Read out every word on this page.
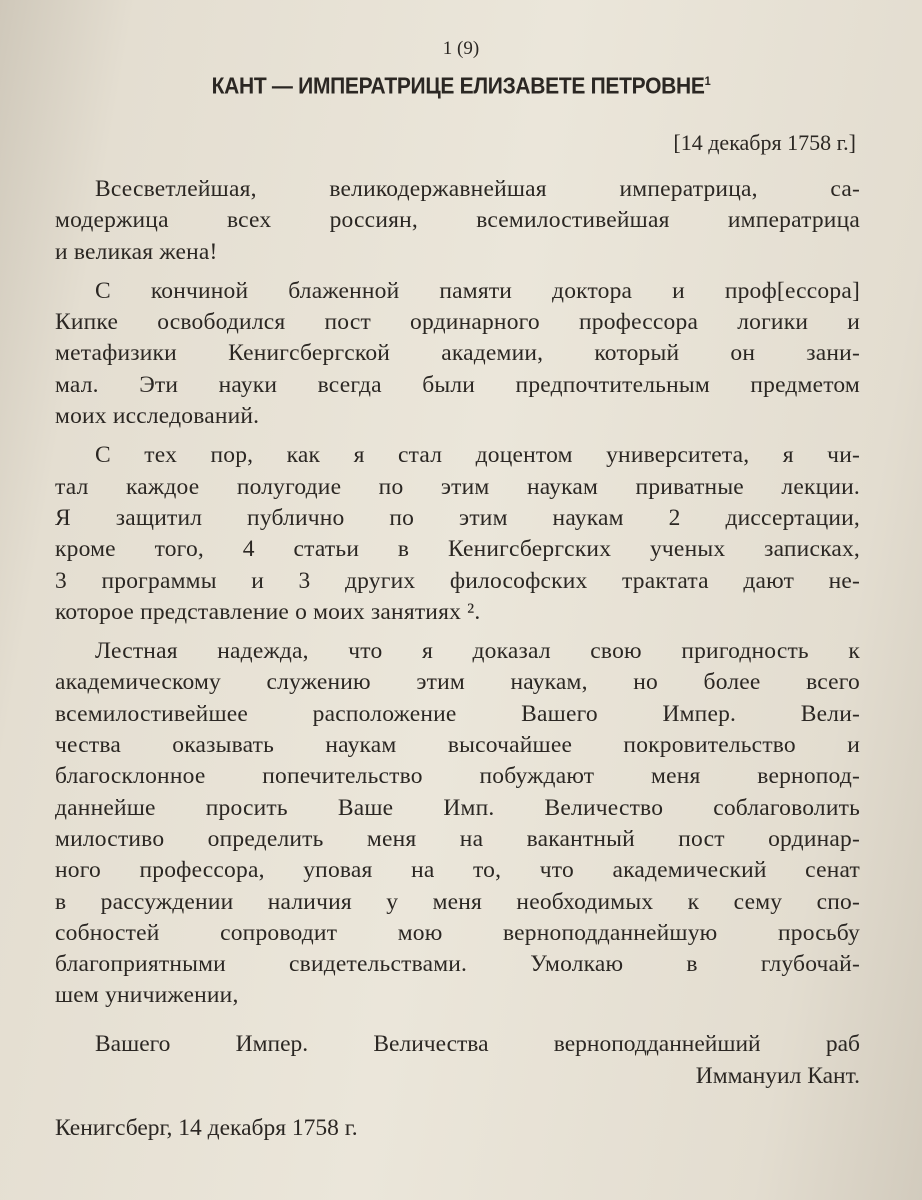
1 (9)
КАНТ — ИМПЕРАТРИЦЕ ЕЛИЗАВЕТЕ ПЕТРОВНЕ$^1$
[14 декабря 1758 г.]
Всесветлейшая, великодержавнейшая императрица, са-
модержица всех россиян, всемилостивейшая императрица
и великая жена!
С кончиной блаженной памяти доктора и проф[ессора]
Кипке освободился пост ординарного профессора логики и
метафизики Кенигсбергской академии, который он зани-
мал. Эти науки всегда были предпочтительным предметом
моих исследований.
С тех пор, как я стал доцентом университета, я чи-
тал каждое полугодие по этим наукам приватные лекции.
Я защитил публично по этим наукам 2 диссертации,
кроме того, 4 статьи в Кенигсбергских ученых записках,
3 программы и 3 других философских трактата дают не-
которое представление о моих занятиях ².
Лестная надежда, что я доказал свою пригодность к
академическому служению этим наукам, но более всего
всемилостивейшее расположение Вашего Импер. Вели-
чества оказывать наукам высочайшее покровительство и
благосклонное попечительство побуждают меня вернопод-
даннейше просить Ваше Имп. Величество соблаговолить
милостиво определить меня на вакантный пост ординар-
ного профессора, уповая на то, что академический сенат
в рассуждении наличия у меня необходимых к сему спо-
собностей сопроводит мою верноподданнейшую просьбу
благоприятными свидетельствами. Умолкаю в глубочай-
шем уничижении,
Вашего Импер. Величества верноподданнейший раб
Иммануил Кант.
Кенигсберг, 14 декабря 1758 г.
